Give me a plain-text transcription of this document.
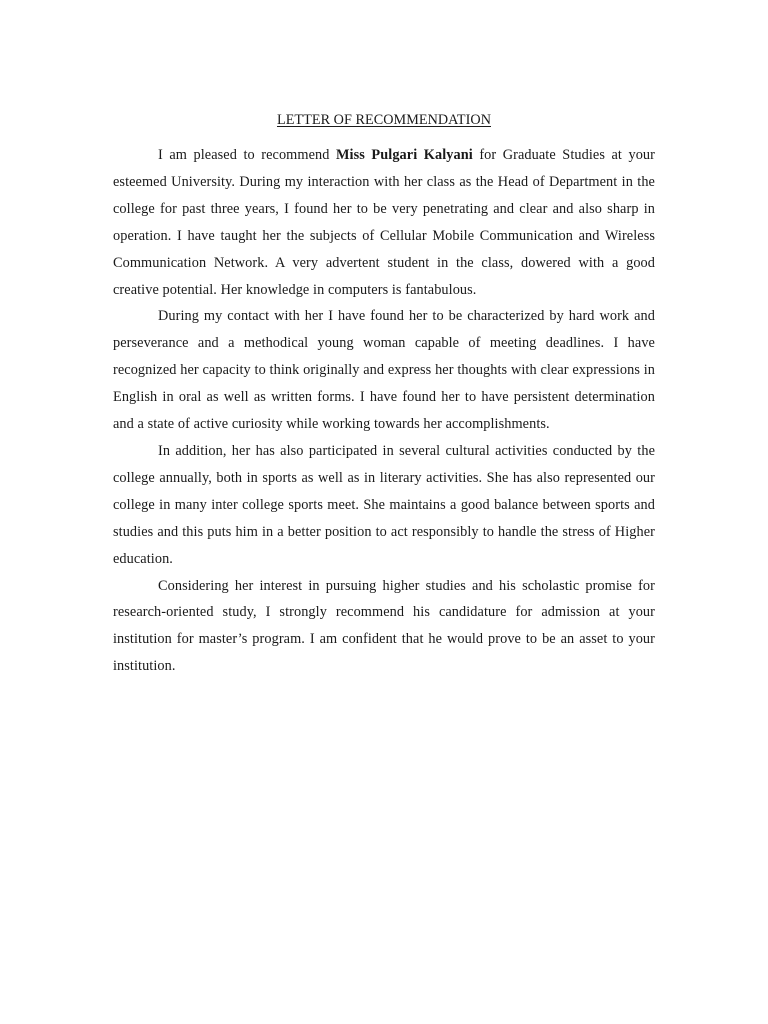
LETTER OF RECOMMENDATION

I am pleased to recommend Miss Pulgari Kalyani for Graduate Studies at your esteemed University. During my interaction with her class as the Head of Department in the college for past three years, I found her to be very penetrating and clear and also sharp in operation. I have taught her the subjects of Cellular Mobile Communication and Wireless Communication Network. A very advertent student in the class, dowered with a good creative potential. Her knowledge in computers is fantabulous.

During my contact with her I have found her to be characterized by hard work and perseverance and a methodical young woman capable of meeting deadlines. I have recognized her capacity to think originally and express her thoughts with clear expressions in English in oral as well as written forms. I have found her to have persistent determination and a state of active curiosity while working towards her accomplishments.

In addition, her has also participated in several cultural activities conducted by the college annually, both in sports as well as in literary activities. She has also represented our college in many inter college sports meet. She maintains a good balance between sports and studies and this puts him in a better position to act responsibly to handle the stress of Higher education.

Considering her interest in pursuing higher studies and his scholastic promise for research-oriented study, I strongly recommend his candidature for admission at your institution for master’s program. I am confident that he would prove to be an asset to your institution.
